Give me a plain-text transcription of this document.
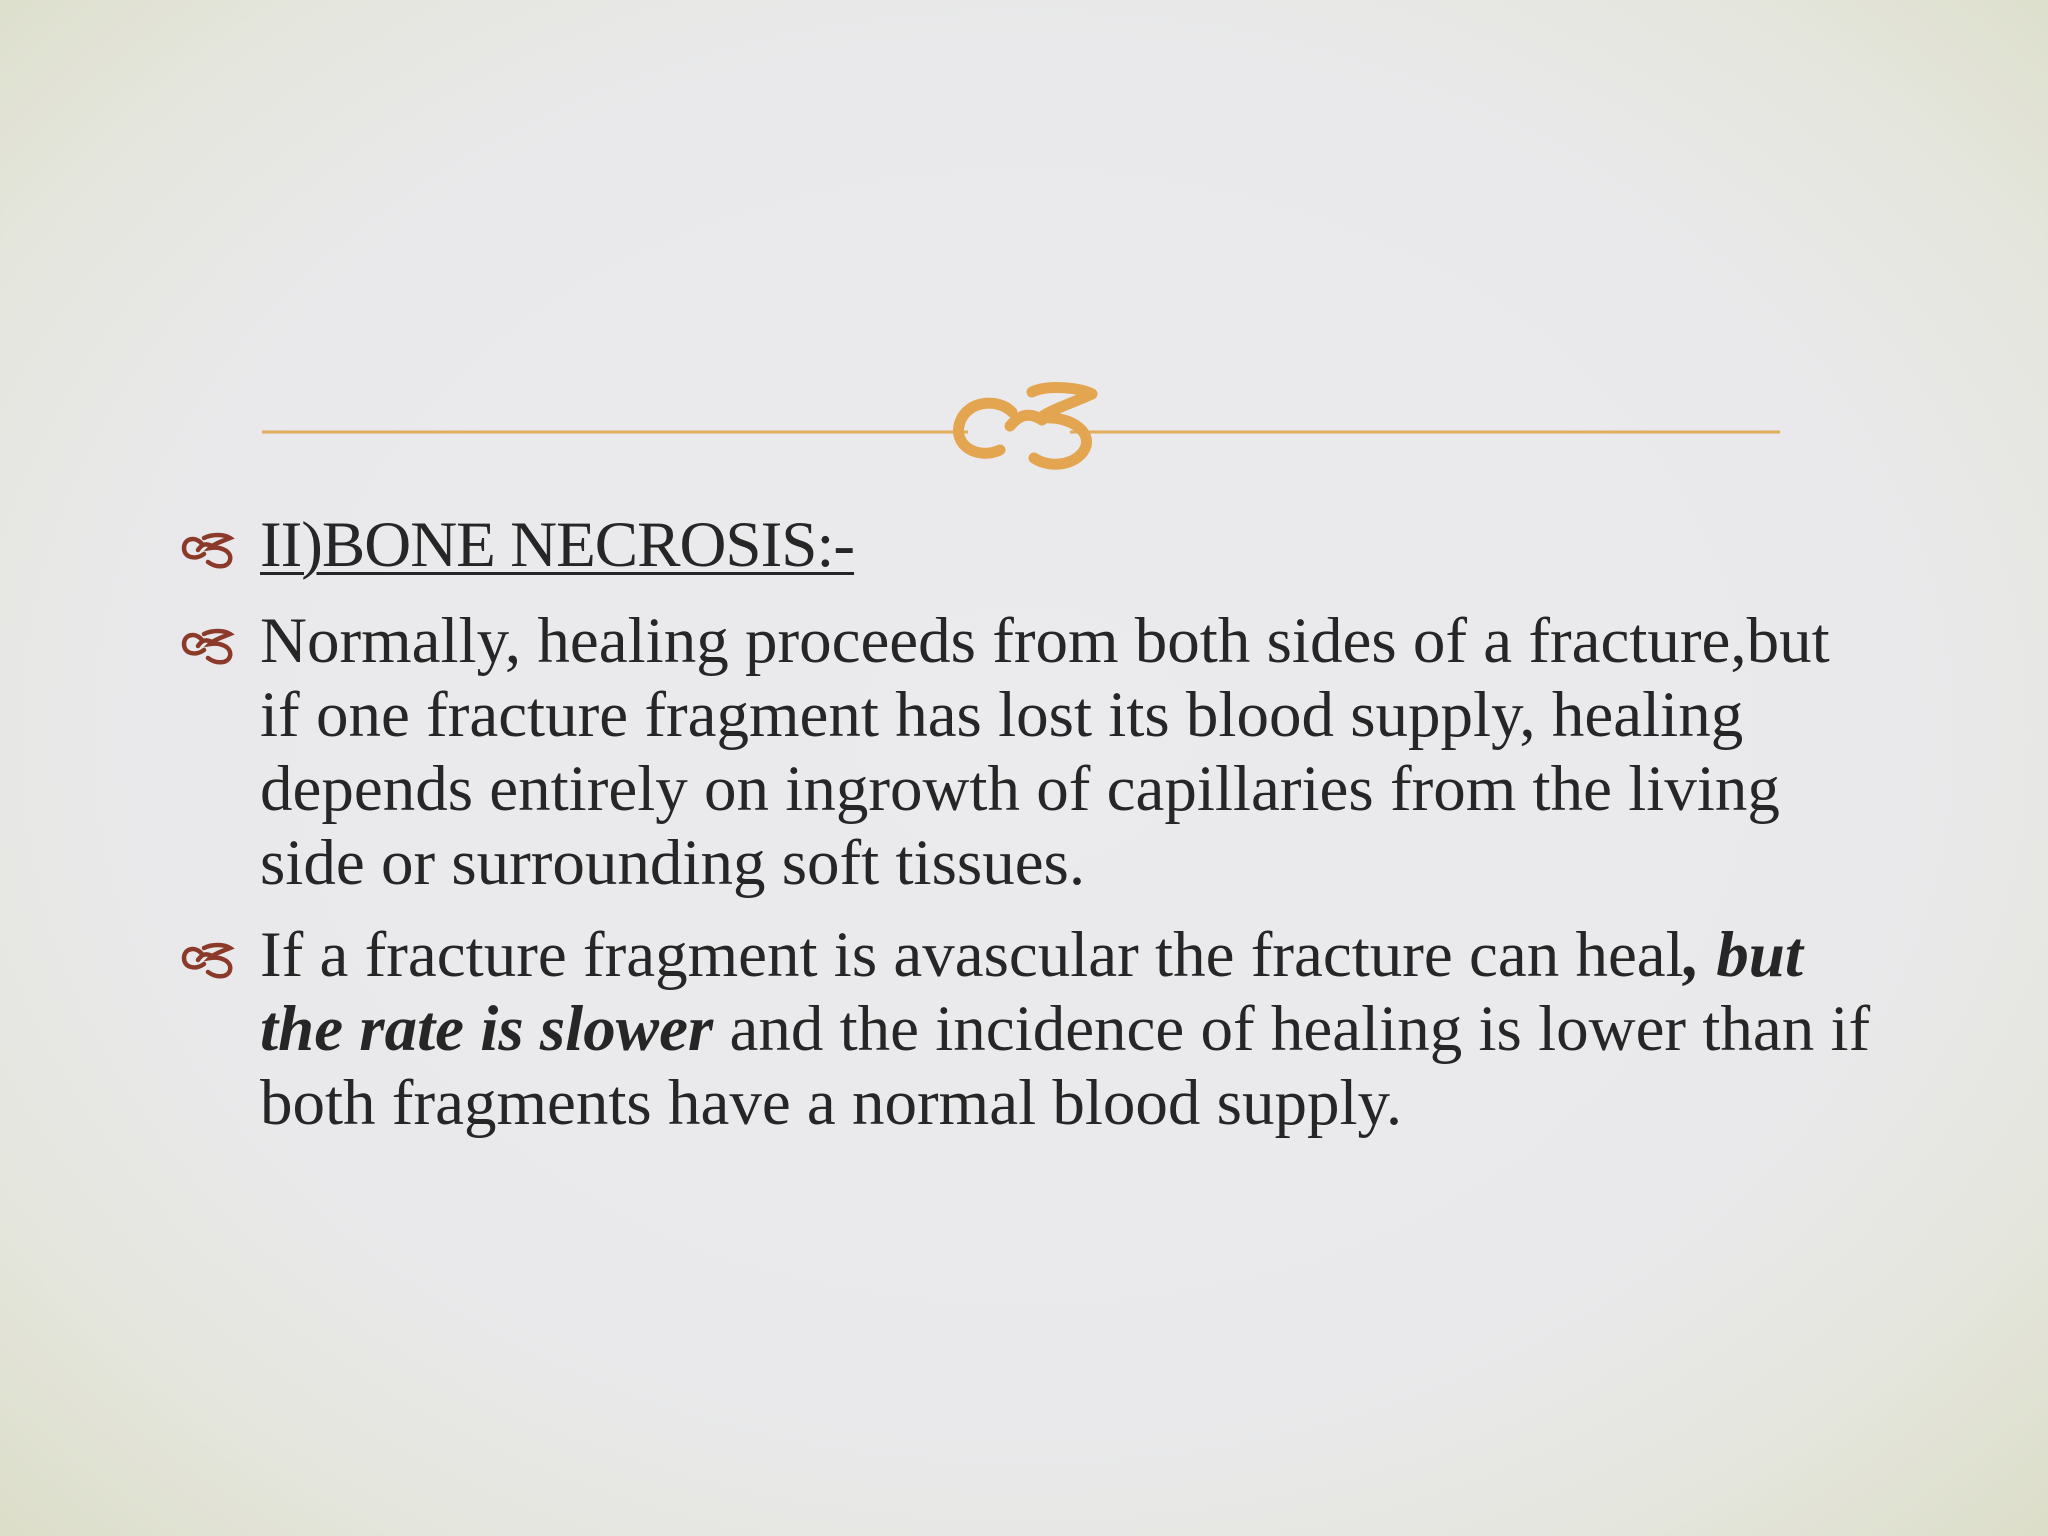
II)BONE NECROSIS:-
Normally, healing proceeds from both sides of a fracture,but if one fracture fragment has lost its blood supply, healing depends entirely on ingrowth of capillaries from the living side or surrounding soft tissues.
If a fracture fragment is avascular the fracture can heal, but the rate is slower and the incidence of healing is lower than if both fragments have a normal blood supply.
